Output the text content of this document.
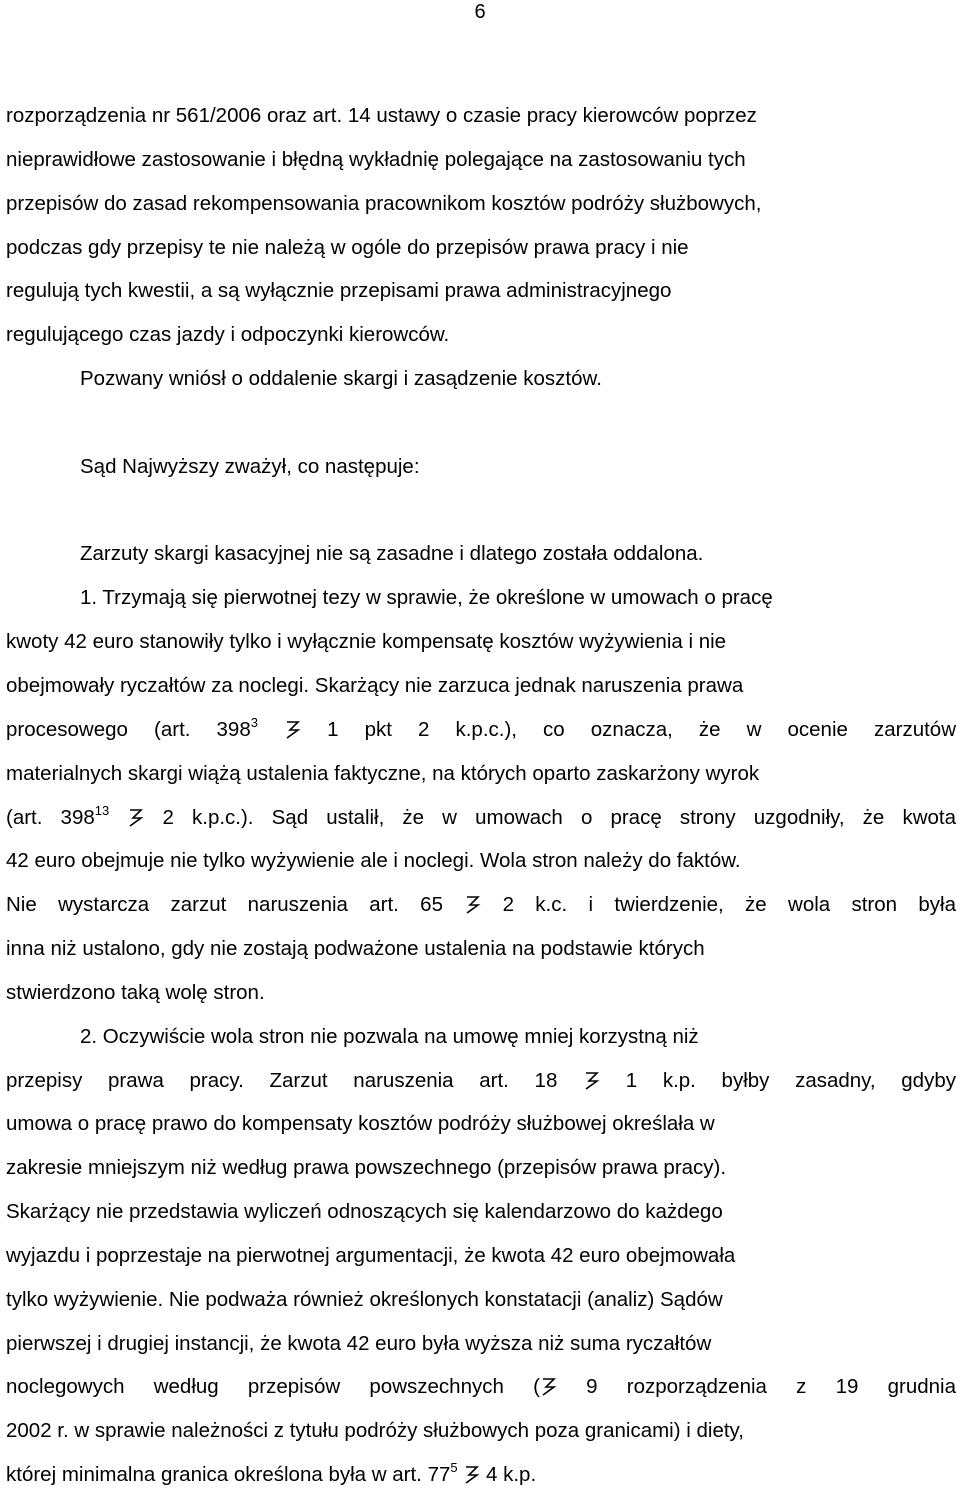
6
rozporządzenia nr 561/2006 oraz art. 14 ustawy o czasie pracy kierowców poprzez
nieprawidłowe zastosowanie i błędną wykładnię polegające na zastosowaniu tych
przepisów do zasad rekompensowania pracownikom kosztów podróży służbowych,
podczas gdy przepisy te nie należą w ogóle do przepisów prawa pracy i nie
regulują tych kwestii, a są wyłącznie przepisami prawa administracyjnego
regulującego czas jazdy i odpoczynki kierowców.
Pozwany wniósł o oddalenie skargi i zasądzenie kosztów.
Sąd Najwyższy zważył, co następuje:
Zarzuty skargi kasacyjnej nie są zasadne i dlatego została oddalona.
1. Trzymają się pierwotnej tezy w sprawie, że określone w umowach o pracę
kwoty 42 euro stanowiły tylko i wyłącznie kompensatę kosztów wyżywienia i nie
obejmowały ryczałtów za noclegi. Skarżący nie zarzuca jednak naruszenia prawa
procesowego (art. $398^3$	1 pkt 2 k.p.c.), co oznacza, że w ocenie zarzutów
materialnych skargi wiążą ustalenia faktyczne, na których oparto zaskarżony wyrok
(art. $398^{13}$	2 k.p.c.). Sąd ustalił, że w umowach o pracę strony uzgodniły, że kwota
42 euro obejmuje nie tylko wyżywienie ale i noclegi. Wola stron należy do faktów.
Nie wystarcza zarzut naruszenia art. 65	2 k.c. i twierdzenie, że wola stron była
inna niż ustalono, gdy nie zostają podważone ustalenia na podstawie których
stwierdzono taką wolę stron.
2. Oczywiście wola stron nie pozwala na umowę mniej korzystną niż
przepisy prawa pracy. Zarzut naruszenia art. 18	1 k.p. byłby zasadny, gdyby
umowa o pracę prawo do kompensaty kosztów podróży służbowej określała w
zakresie mniejszym niż według prawa powszechnego (przepisów prawa pracy).
Skarżący nie przedstawia wyliczeń odnoszących się kalendarzowo do każdego
wyjazdu i poprzestaje na pierwotnej argumentacji, że kwota 42 euro obejmowała
tylko wyżywienie. Nie podważa również określonych konstatacji (analiz) Sądów
pierwszej i drugiej instancji, że kwota 42 euro była wyższa niż suma ryczałtów
noclegowych według przepisów powszechnych ( 9 rozporządzenia z 19 grudnia
2002 r. w sprawie należności z tytułu podróży służbowych poza granicami) i diety,
której minimalna granica określona była w art. $77^5$ 4 k.p.
